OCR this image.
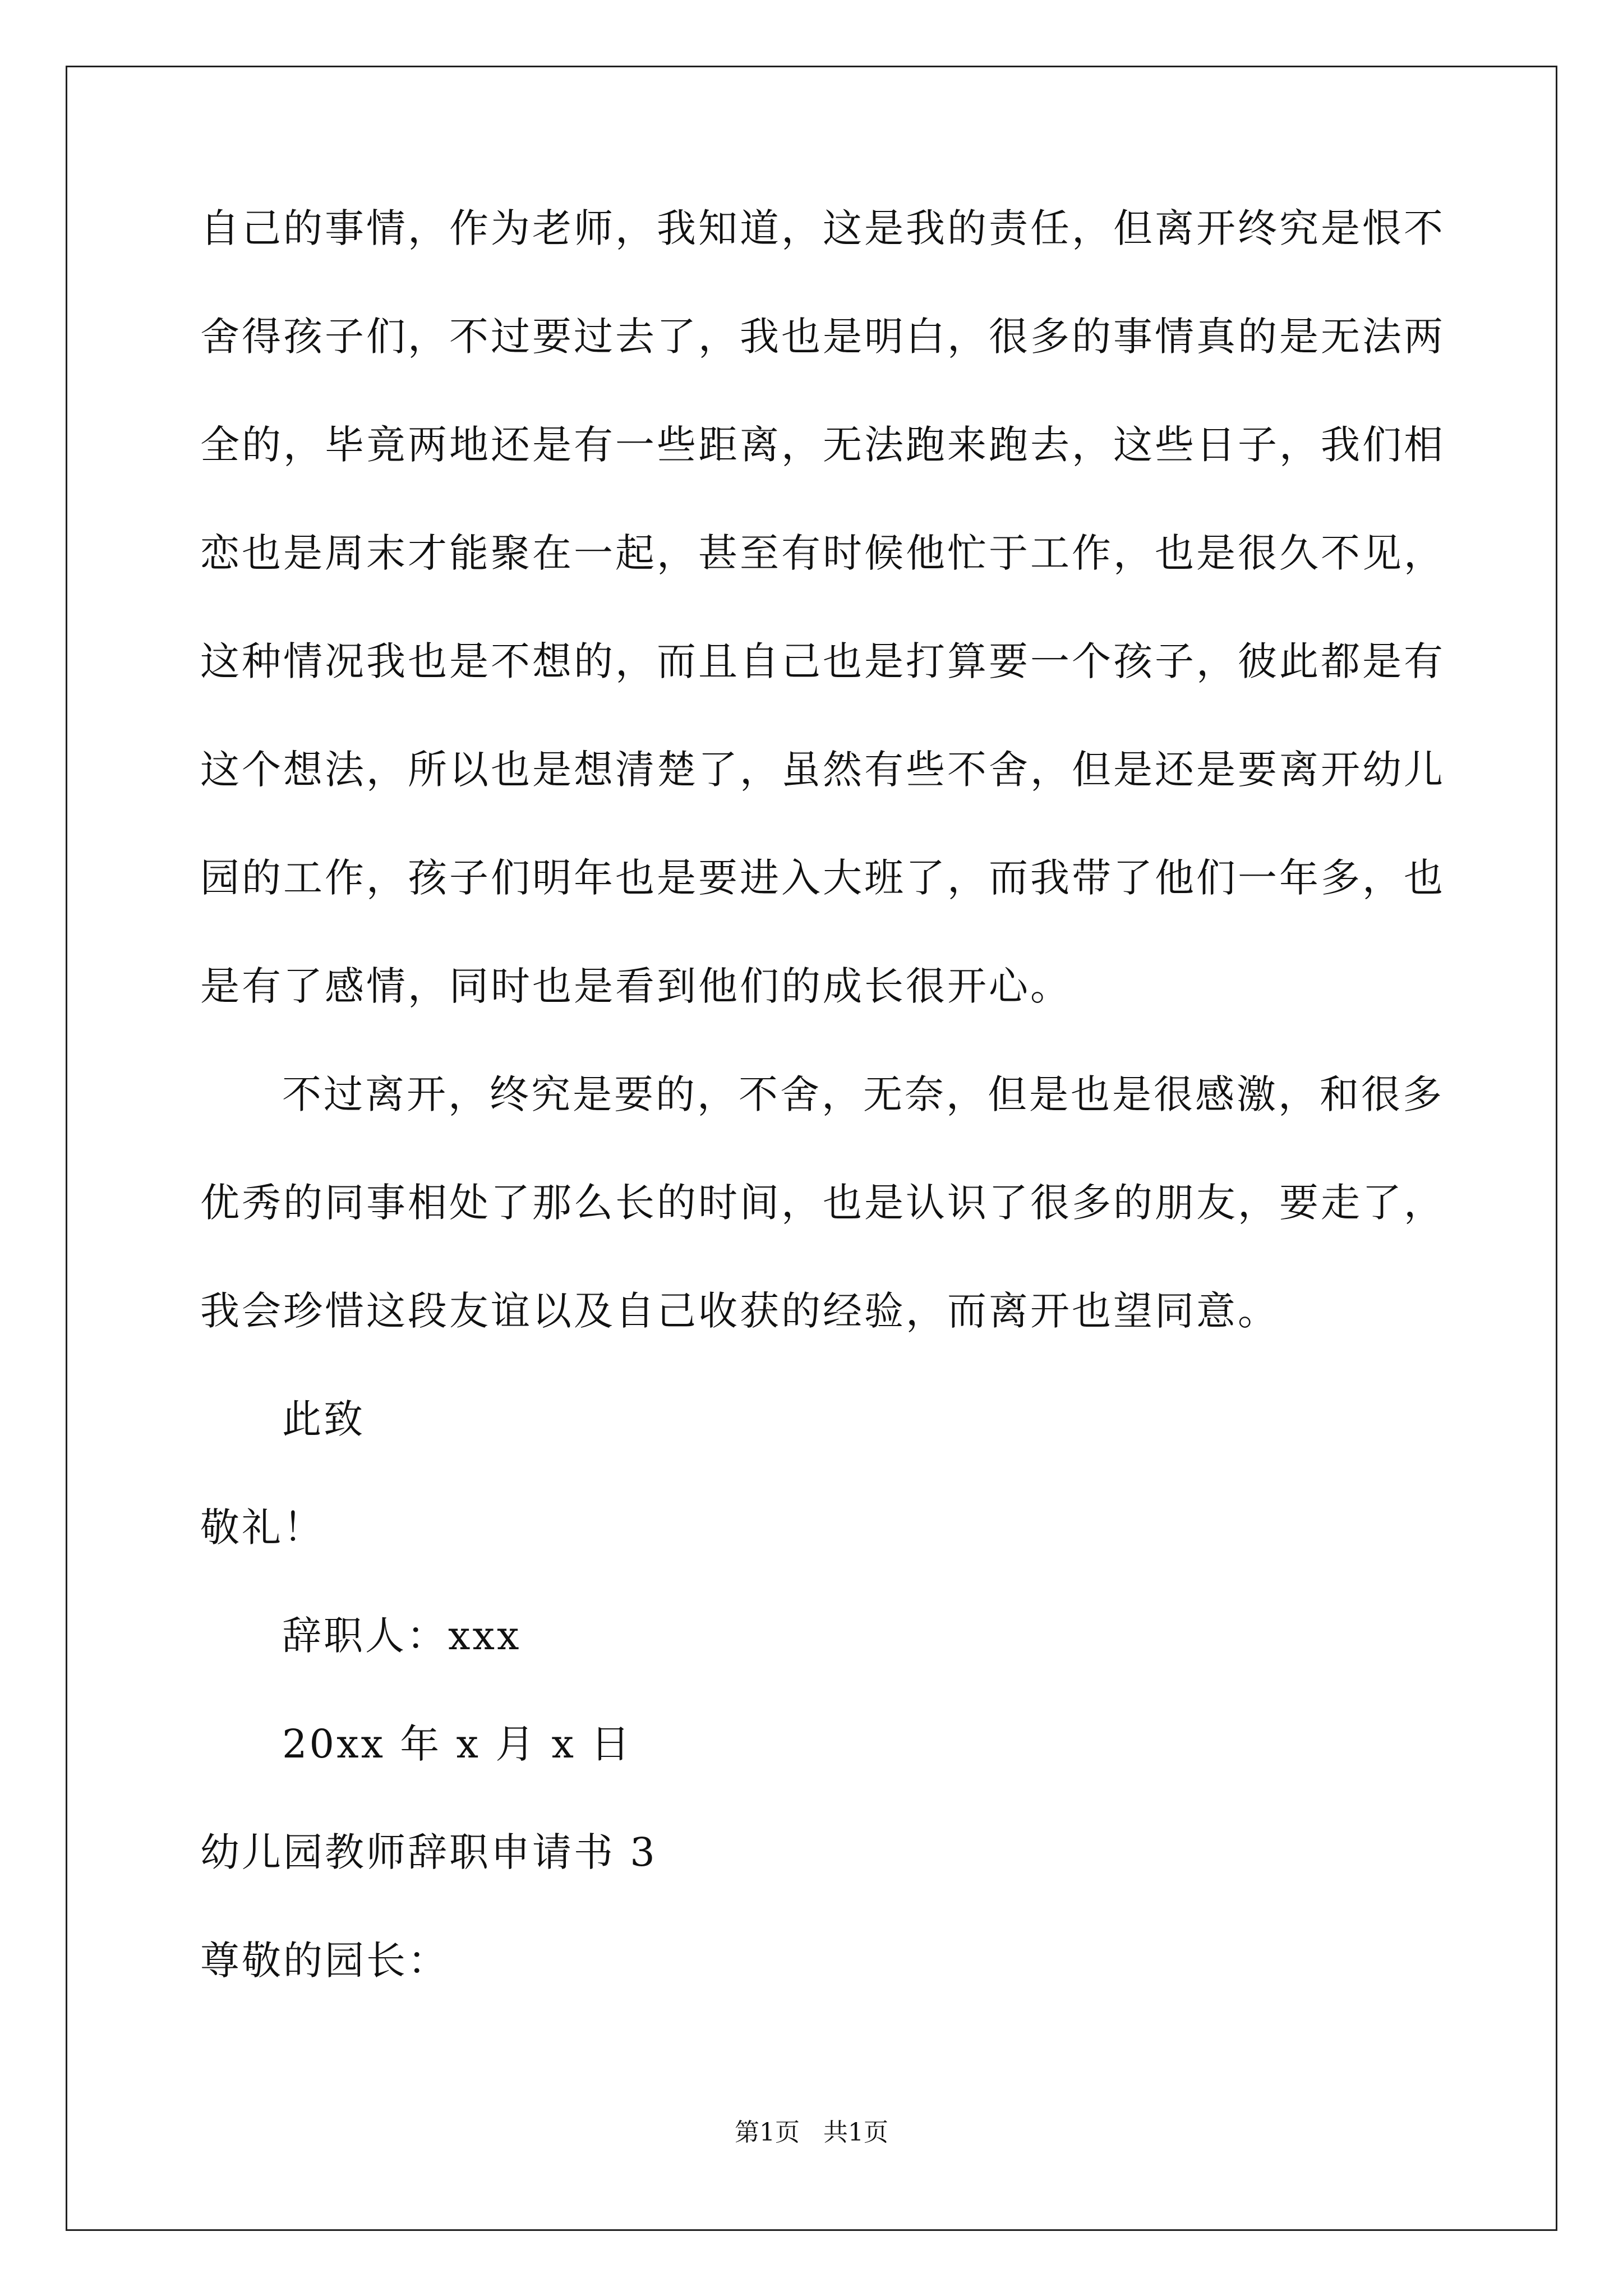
自己的事情，作为老师，我知道，这是我的责任，但离开终究是恨不
舍得孩子们，不过要过去了，我也是明白，很多的事情真的是无法两
全的，毕竟两地还是有一些距离，无法跑来跑去，这些日子，我们相
恋也是周末才能聚在一起，甚至有时候他忙于工作，也是很久不见，
这种情况我也是不想的，而且自己也是打算要一个孩子，彼此都是有
这个想法，所以也是想清楚了，虽然有些不舍，但是还是要离开幼儿
园的工作，孩子们明年也是要进入大班了，而我带了他们一年多，也
是有了感情，同时也是看到他们的成长很开心。
不过离开，终究是要的，不舍，无奈，但是也是很感激，和很多
优秀的同事相处了那么长的时间，也是认识了很多的朋友，要走了，
我会珍惜这段友谊以及自己收获的经验，而离开也望同意。
此致
敬礼！
辞职人：xxx
20xx 年 x 月 x 日
幼儿园教师辞职申请书 3
尊敬的园长：
第1页   共1页
